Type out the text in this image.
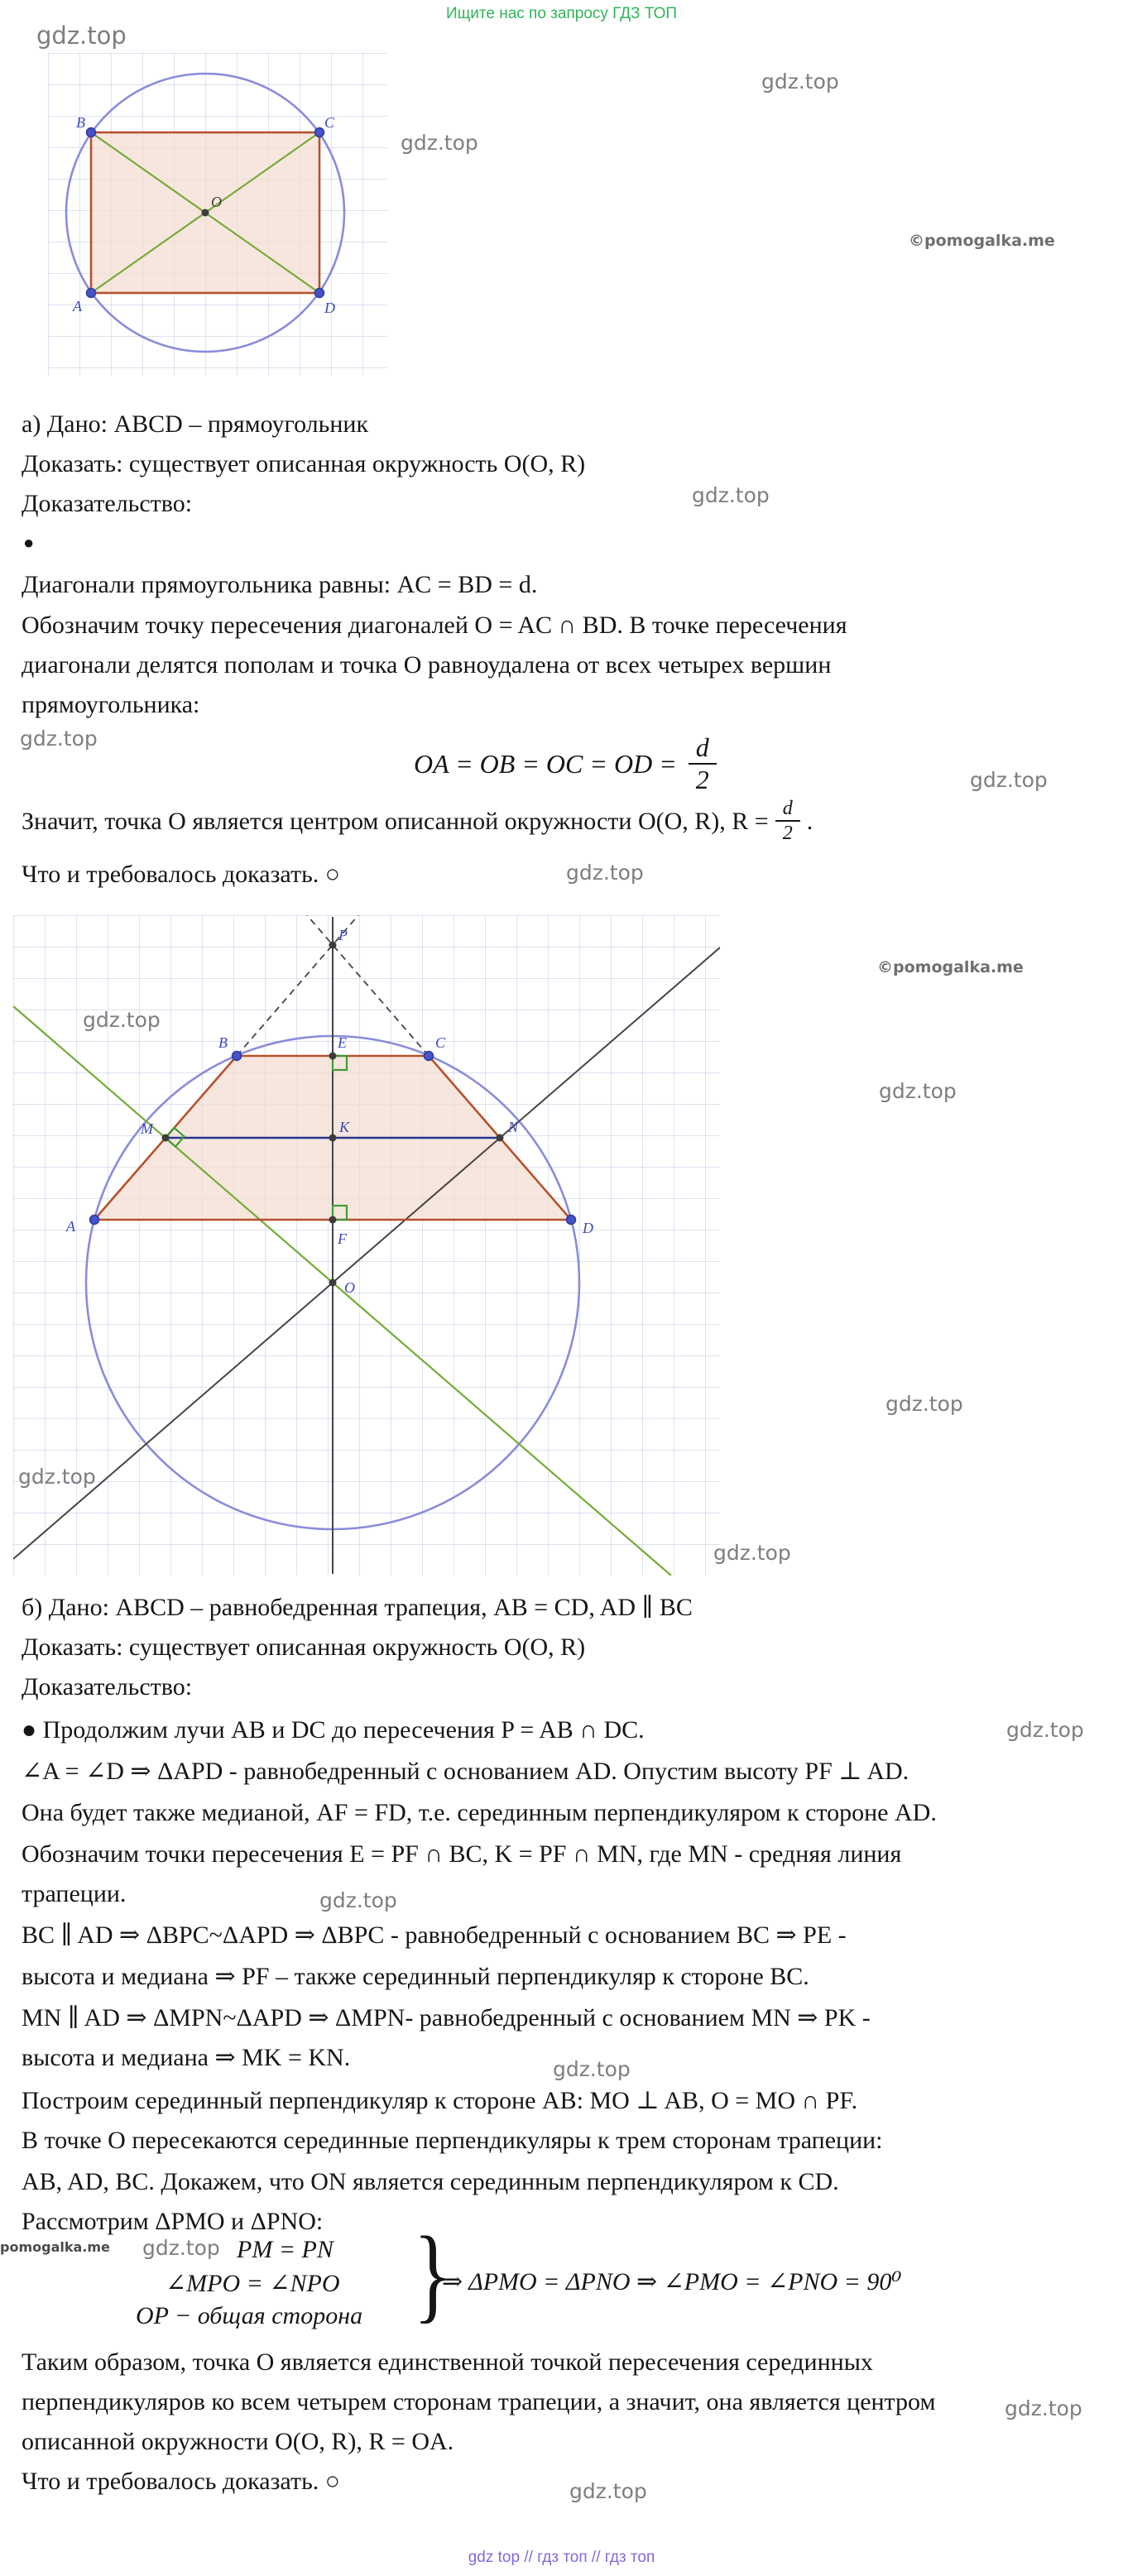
Ищите нас по запросу ГДЗ ТОП
B	C
A	D
O
P
B	E	C
M	K	N
A
F
D
O
а) Дано: ABCD – прямоугольник
Доказать: существует описанная окружность O(O, R)
Доказательство:
●
Диагонали прямоугольника равны: AC = BD = d.
Обозначим точку пересечения диагоналей O = AC ∩ BD. В точке пересечения
диагонали делятся пополам и точка O равноудалена от всех четырех вершин
прямоугольника:
OA = OB = OC = OD = $\frac{d}{2}$
Значит, точка O является центром описанной окружности O(O, R), $R = \frac{d}{2}$ .
Что и требовалось доказать. ○
б) Дано: ABCD – равнобедренная трапеция, AB = CD, AD ∥ BC
Доказать: существует описанная окружность O(O, R)
Доказательство:
● Продолжим лучи AB и DC до пересечения P = AB ∩ DC.
∠A = ∠D ⇒ ΔAPD - равнобедренный с основанием AD. Опустим высоту PF ⊥ AD.
Она будет также медианой, AF = FD, т.е. серединным перпендикуляром к стороне AD.
Обозначим точки пересечения E = PF ∩ BC, K = PF ∩ MN, где MN - средняя линия
трапеции.
BC ∥ AD ⇒ ΔBPC~ΔAPD ⇒ ΔBPC - равнобедренный с основанием BC ⇒ PE -
высота и медиана ⇒ PF – также серединный перпендикуляр к стороне BC.
MN ∥ AD ⇒ ΔMPN~ΔAPD ⇒ ΔMPN- равнобедренный с основанием MN ⇒ PK -
высота и медиана ⇒ MK = KN.
Построим серединный перпендикуляр к стороне AB: MO ⊥ AB, O = MO ∩ PF.
В точке O пересекаются серединные перпендикуляры к трем сторонам трапеции:
AB, AD, BC. Докажем, что ON является серединным перпендикуляром к CD.
Рассмотрим ΔPMO и ΔPNO:
PM = PN
∠MPO = ∠NPO
OP − общая сторона }
⇒ ΔPMO = ΔPNO ⇒ ∠PMO = ∠PNO = 90⁰
Таким образом, точка O является единственной точкой пересечения серединных
перпендикуляров ко всем четырем сторонам трапеции, а значит, она является центром
описанной окружности O(O, R), R = OA.
Что и требовалось доказать. ○
gdz.top
gdz.top
gdz.top
©pomogalka.me
gdz.top
gdz.top
gdz.top
gdz.top
gdz.top
©pomogalka.me
gdz.top
gdz.top
gdz.top
gdz.top
gdz.top
gdz.top
gdz.top
pomogalka.me gdz.top
gdz.top
gdz.top
gdz top // гдз топ // гдз топ
